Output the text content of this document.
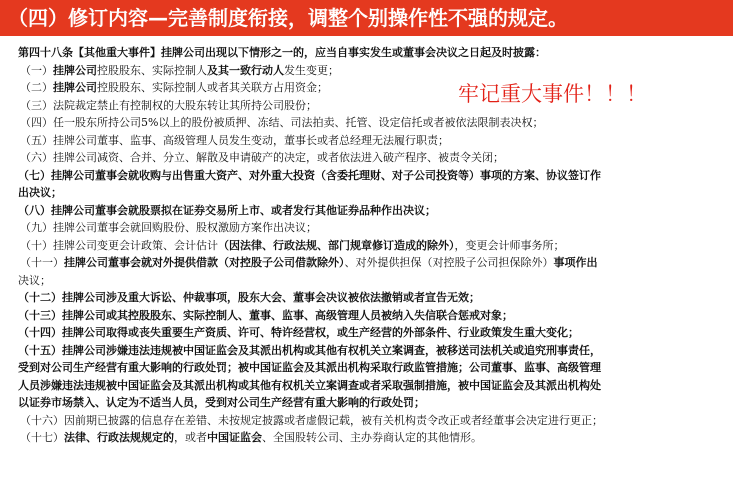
（四）修订内容—完善制度衔接，调整个别操作性不强的规定。
第四十八条【其他重大事件】挂牌公司出现以下情形之一的，应当自事实发生或董事会决议之日起及时披露：
（一）挂牌公司控股股东、实际控制人及其一致行动人发生变更；
（二）挂牌公司控股股东、实际控制人或者其关联方占用资金；
（三）法院裁定禁止有控制权的大股东转让其所持公司股份；
（四）任一股东所持公司5%以上的股份被质押、冻结、司法拍卖、托管、设定信托或者被依法限制表决权；
（五）挂牌公司董事、监事、高级管理人员发生变动，董事长或者总经理无法履行职责；
（六）挂牌公司减资、合并、分立、解散及申请破产的决定，或者依法进入破产程序、被责令关闭；
（七）挂牌公司董事会就收购与出售重大资产、对外重大投资（含委托理财、对子公司投资等）事项的方案、协议签订作
出决议；
（八）挂牌公司董事会就股票拟在证券交易所上市、或者发行其他证券品种作出决议；
（九）挂牌公司董事会就回购股份、股权激励方案作出决议；
（十）挂牌公司变更会计政策、会计估计（因法律、行政法规、部门规章修订造成的除外），变更会计师事务所；
（十一）挂牌公司董事会就对外提供借款（对控股子公司借款除外）、对外提供担保（对控股子公司担保除外）事项作出
决议；
（十二）挂牌公司涉及重大诉讼、仲裁事项，股东大会、董事会决议被依法撤销或者宣告无效；
（十三）挂牌公司或其控股股东、实际控制人、董事、监事、高级管理人员被纳入失信联合惩戒对象；
（十四）挂牌公司取得或丧失重要生产资质、许可、特许经营权，或生产经营的外部条件、行业政策发生重大变化；
（十五）挂牌公司涉嫌违法违规被中国证监会及其派出机构或其他有权机关立案调查，被移送司法机关或追究刑事责任，
受到对公司生产经营有重大影响的行政处罚；被中国证监会及其派出机构采取行政监管措施；公司董事、监事、高级管理
人员涉嫌违法违规被中国证监会及其派出机构或其他有权机关立案调查或者采取强制措施，被中国证监会及其派出机构处
以证券市场禁入、认定为不适当人员，受到对公司生产经营有重大影响的行政处罚；
（十六）因前期已披露的信息存在差错、未按规定披露或者虚假记载，被有关机构责令改正或者经董事会决定进行更正；
（十七）法律、行政法规规定的，或者中国证监会、全国股转公司、主办券商认定的其他情形。
牢记重大事件！！！
